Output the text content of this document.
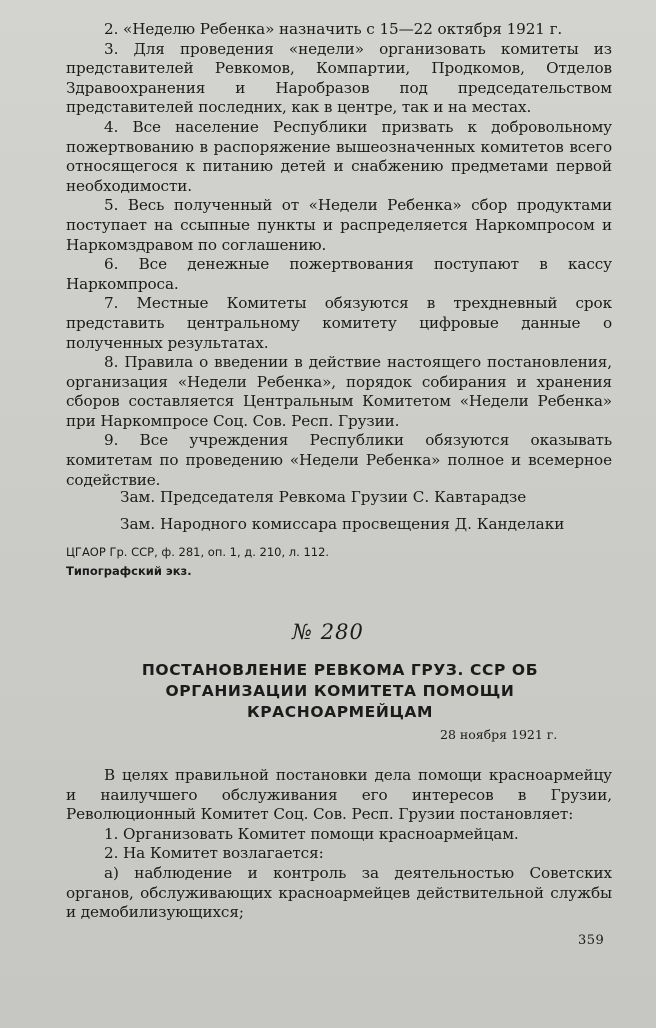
2. «Неделю Ребенка» назначить с 15—22 октября 1921 г.

3. Для проведения «недели» организовать комитеты из представителей Ревкомов, Компартии, Продкомов, Отделов Здравоохранения и Наробразов под председательством представителей последних, как в центре, так и на местах.

4. Все население Республики призвать к добровольному пожертвованию в распоряжение вышеозначенных комитетов всего относящегося к питанию детей и снабжению предметами первой необходимости.

5. Весь полученный от «Недели Ребенка» сбор продуктами поступает на ссыпные пункты и распределяется Наркомпросом и Наркомздравом по соглашению.

6. Все денежные пожертвования поступают в кассу Наркомпроса.

7. Местные Комитеты обязуются в трехдневный срок представить центральному комитету цифровые данные о полученных результатах.

8. Правила о введении в действие настоящего постановления, организация «Недели Ребенка», порядок собирания и хранения сборов составляется Центральным Комитетом «Недели Ребенка» при Наркомпросе Соц. Сов. Респ. Грузии.

9. Все учреждения Республики обязуются оказывать комитетам по проведению «Недели Ребенка» полное и всемерное содействие.

Зам. Председателя Ревкома Грузии С. Кавтарадзе
Зам. Народного комиссара просвещения Д. Канделаки
ЦГАОР Гр. ССР, ф. 281, оп. 1, д. 210, л. 112.
Типографский экз.
№ 280
ПОСТАНОВЛЕНИЕ РЕВКОМА ГРУЗ. ССР ОБ ОРГАНИЗАЦИИ КОМИТЕТА ПОМОЩИ КРАСНОАРМЕЙЦАМ
28 ноября 1921 г.

В целях правильной постановки дела помощи красноармейцу и наилучшего обслуживания его интересов в Грузии, Революционный Комитет Соц. Сов. Респ. Грузии постановляет:

1. Организовать Комитет помощи красноармейцам.

2. На Комитет возлагается:

а) наблюдение и контроль за деятельностью Советских органов, обслуживающих красноармейцев действительной службы и демобилизующихся;

359
